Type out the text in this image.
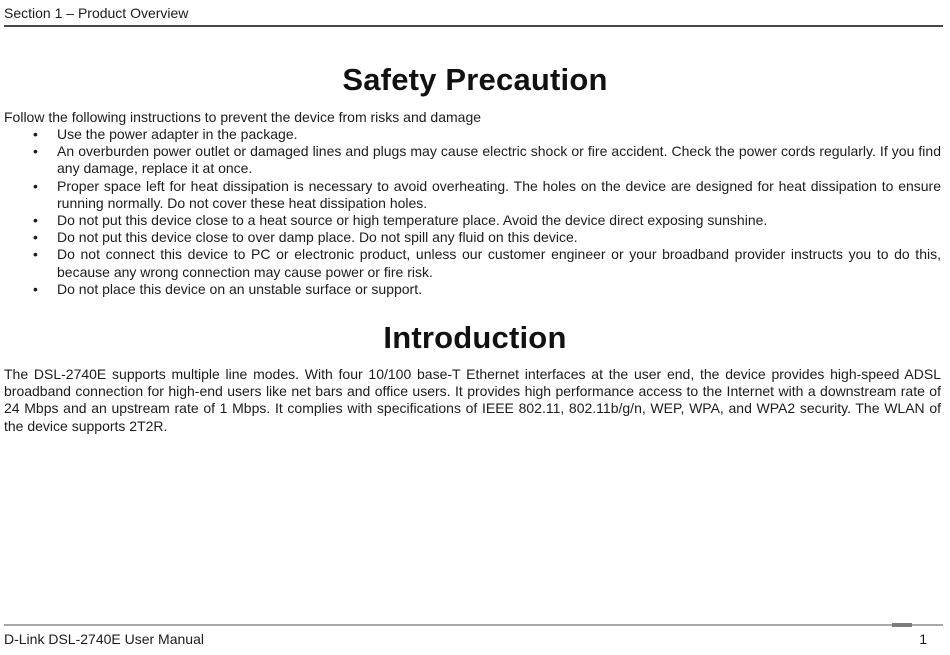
Section 1 – Product Overview
Safety Precaution
Follow the following instructions to prevent the device from risks and damage
• Use the power adapter in the package.
• An overburden power outlet or damaged lines and plugs may cause electric shock or fire accident. Check the power cords regularly. If you find any damage, replace it at once.
• Proper space left for heat dissipation is necessary to avoid overheating. The holes on the device are designed for heat dissipation to ensure running normally. Do not cover these heat dissipation holes.
• Do not put this device close to a heat source or high temperature place. Avoid the device direct exposing sunshine.
• Do not put this device close to over damp place. Do not spill any fluid on this device.
• Do not connect this device to PC or electronic product, unless our customer engineer or your broadband provider instructs you to do this, because any wrong connection may cause power or fire risk.
• Do not place this device on an unstable surface or support.
Introduction
The DSL-2740E supports multiple line modes. With four 10/100 base-T Ethernet interfaces at the user end, the device provides high-speed ADSL broadband connection for high-end users like net bars and office users. It provides high performance access to the Internet with a downstream rate of 24 Mbps and an upstream rate of 1 Mbps. It complies with specifications of IEEE 802.11, 802.11b/g/n, WEP, WPA, and WPA2 security. The WLAN of the device supports 2T2R.
D-Link DSL-2740E User Manual	1
